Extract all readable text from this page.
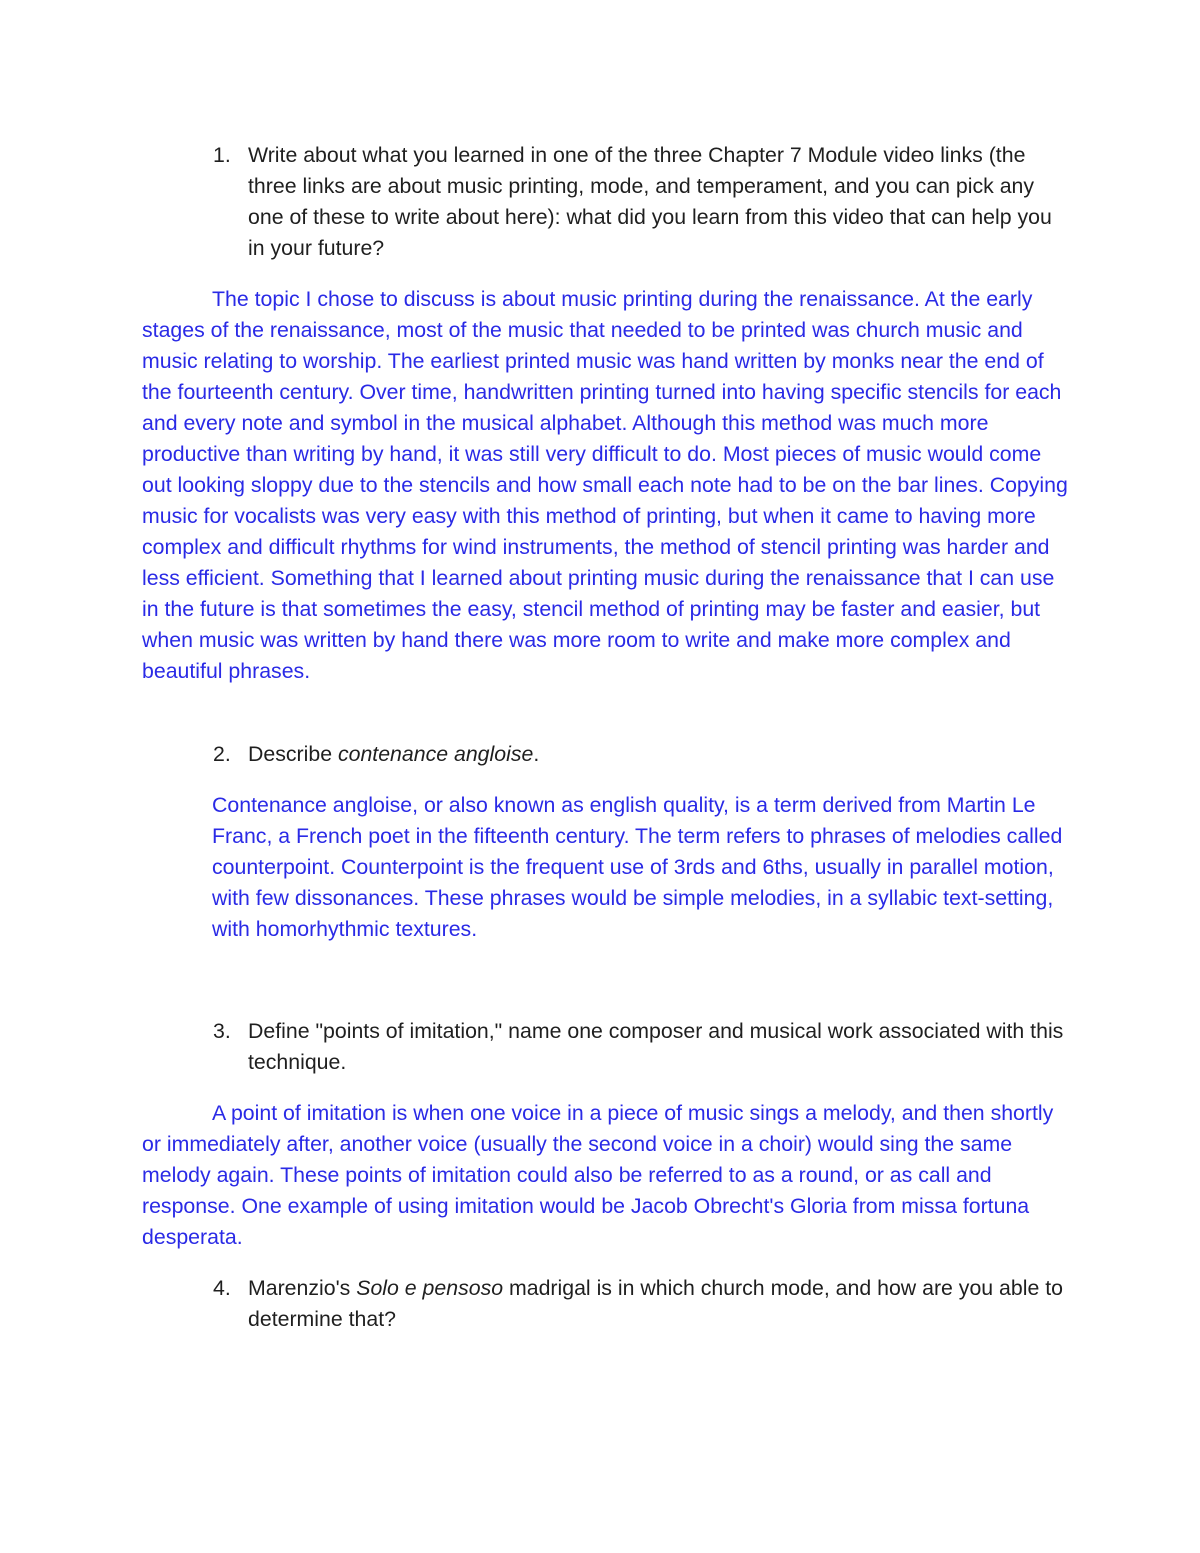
1. Write about what you learned in one of the three Chapter 7 Module video links (the three links are about music printing, mode, and temperament, and you can pick any one of these to write about here): what did you learn from this video that can help you in your future?

The topic I chose to discuss is about music printing during the renaissance. At the early stages of the renaissance, most of the music that needed to be printed was church music and music relating to worship. The earliest printed music was hand written by monks near the end of the fourteenth century. Over time, handwritten printing turned into having specific stencils for each and every note and symbol in the musical alphabet. Although this method was much more productive than writing by hand, it was still very difficult to do. Most pieces of music would come out looking sloppy due to the stencils and how small each note had to be on the bar lines. Copying music for vocalists was very easy with this method of printing, but when it came to having more complex and difficult rhythms for wind instruments, the method of stencil printing was harder and less efficient. Something that I learned about printing music during the renaissance that I can use in the future is that sometimes the easy, stencil method of printing may be faster and easier, but when music was written by hand there was more room to write and make more complex and beautiful phrases.

2. Describe contenance angloise.

Contenance angloise, or also known as english quality, is a term derived from Martin Le Franc, a French poet in the fifteenth century. The term refers to phrases of melodies called counterpoint. Counterpoint is the frequent use of 3rds and 6ths, usually in parallel motion, with few dissonances. These phrases would be simple melodies, in a syllabic text-setting, with homorhythmic textures.

3. Define "points of imitation," name one composer and musical work associated with this technique.

A point of imitation is when one voice in a piece of music sings a melody, and then shortly or immediately after, another voice (usually the second voice in a choir) would sing the same melody again. These points of imitation could also be referred to as a round, or as call and response. One example of using imitation would be Jacob Obrecht's Gloria from missa fortuna desperata.

4. Marenzio's Solo e pensoso madrigal is in which church mode, and how are you able to determine that?
